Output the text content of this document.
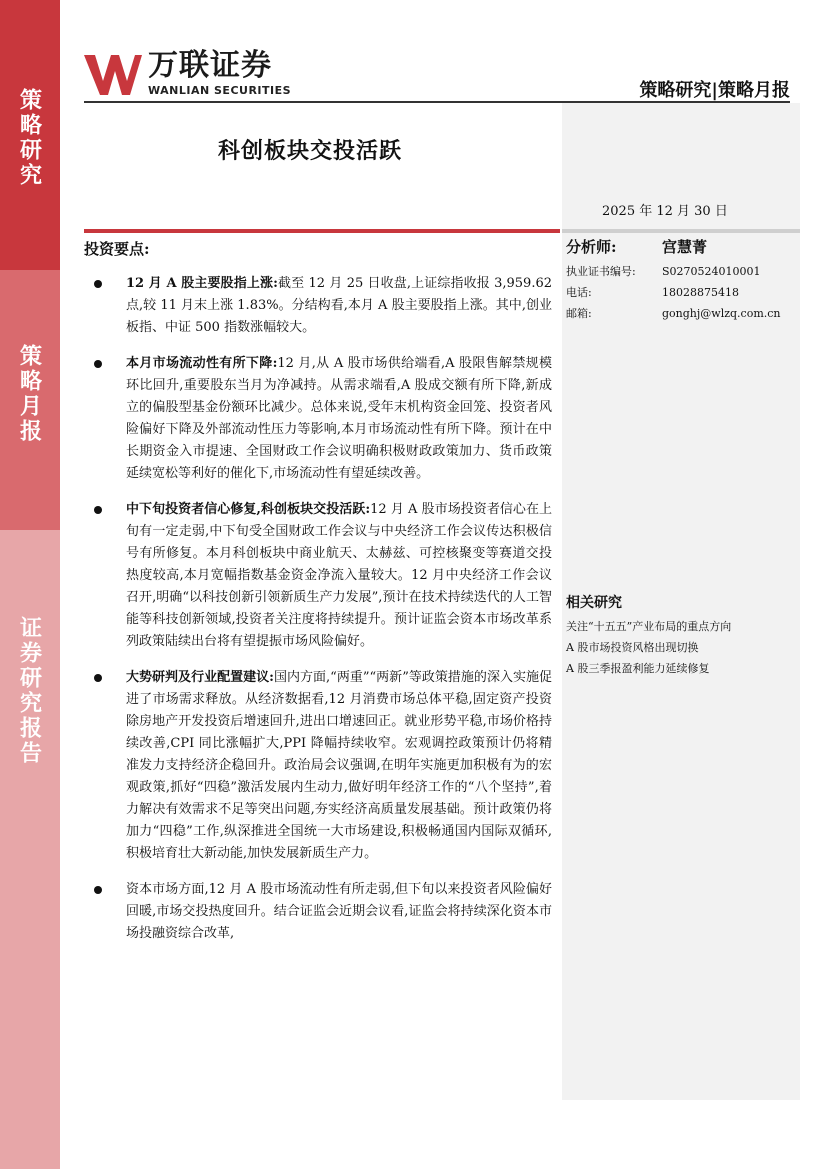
策略研究
策略月报
证券研究报告
万联证券
WANLIAN SECURITIES	策略研究|策略月报
科创板块交投活跃
2025 年 12 月 30 日
投资要点:
12 月 A 股主要股指上涨:截至 12 月 25 日收盘,上证综指收报 3,959.62 点,较 11 月末上涨 1.83%。分结构看,本月 A 股主要股指上涨。其中,创业板指、中证 500 指数涨幅较大。
本月市场流动性有所下降:12 月,从 A 股市场供给端看,A 股限售解禁规模环比回升,重要股东当月为净减持。从需求端看,A 股成交额有所下降,新成立的偏股型基金份额环比减少。总体来说,受年末机构资金回笼、投资者风险偏好下降及外部流动性压力等影响,本月市场流动性有所下降。预计在中长期资金入市提速、全国财政工作会议明确积极财政政策加力、货币政策延续宽松等利好的催化下,市场流动性有望延续改善。
中下旬投资者信心修复,科创板块交投活跃:12 月 A 股市场投资者信心在上旬有一定走弱,中下旬受全国财政工作会议与中央经济工作会议传达积极信号有所修复。本月科创板块中商业航天、太赫兹、可控核聚变等赛道交投热度较高,本月宽幅指数基金资金净流入量较大。12 月中央经济工作会议召开,明确“以科技创新引领新质生产力发展”,预计在技术持续迭代的人工智能等科技创新领域,投资者关注度将持续提升。预计证监会资本市场改革系列政策陆续出台将有望提振市场风险偏好。
大势研判及行业配置建议:国内方面,“两重”“两新”等政策措施的深入实施促进了市场需求释放。从经济数据看,12 月消费市场总体平稳,固定资产投资除房地产开发投资后增速回升,进出口增速回正。就业形势平稳,市场价格持续改善,CPI 同比涨幅扩大,PPI 降幅持续收窄。宏观调控政策预计仍将精准发力支持经济企稳回升。政治局会议强调,在明年实施更加积极有为的宏观政策,抓好“四稳”激活发展内生动力,做好明年经济工作的“八个坚持”,着力解决有效需求不足等突出问题,夯实经济高质量发展基础。预计政策仍将加力“四稳”工作,纵深推进全国统一大市场建设,积极畅通国内国际双循环,积极培育壮大新动能,加快发展新质生产力。
资本市场方面,12 月 A 股市场流动性有所走弱,但下旬以来投资者风险偏好回暖,市场交投热度回升。结合证监会近期会议看,证监会将持续深化资本市场投融资综合改革,
分析师:	宫慧菁
执业证书编号:	S0270524010001
电话:	18028875418
邮箱:	gonghj@wlzq.com.cn
相关研究
关注“十五五”产业布局的重点方向
A 股市场投资风格出现切换
A 股三季报盈利能力延续修复
